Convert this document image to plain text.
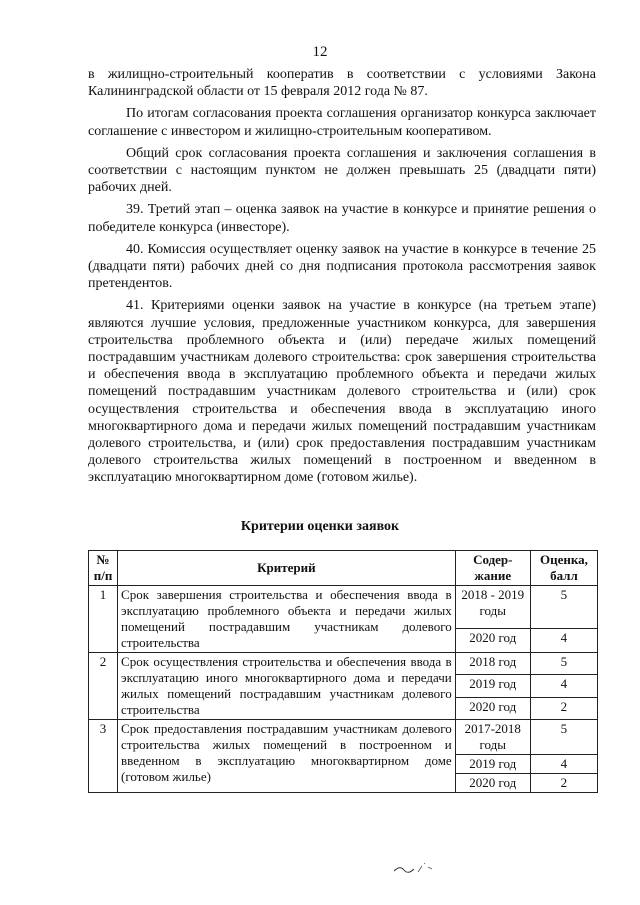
12

в жилищно-строительный кооператив в соответствии с условиями Закона Калининградской области от 15 февраля 2012 года № 87.

По итогам согласования проекта соглашения организатор конкурса заключает соглашение с инвестором и жилищно-строительным кооперативом.

Общий срок согласования проекта соглашения и заключения соглашения в соответствии с настоящим пунктом не должен превышать 25 (двадцати пяти) рабочих дней.

39. Третий этап – оценка заявок на участие в конкурсе и принятие решения о победителе конкурса (инвесторе).

40. Комиссия осуществляет оценку заявок на участие в конкурсе в течение 25 (двадцати пяти) рабочих дней со дня подписания протокола рассмотрения заявок претендентов.

41. Критериями оценки заявок на участие в конкурсе (на третьем этапе) являются лучшие условия, предложенные участником конкурса, для завершения строительства проблемного объекта и (или) передаче жилых помещений пострадавшим участникам долевого строительства: срок завершения строительства и обеспечения ввода в эксплуатацию проблемного объекта и передачи жилых помещений пострадавшим участникам долевого строительства и (или) срок осуществления строительства и обеспечения ввода в эксплуатацию иного многоквартирного дома и передачи жилых помещений пострадавшим участникам долевого строительства, и (или) срок предоставления пострадавшим участникам долевого строительства жилых помещений в построенном и введенном в эксплуатацию многоквартирном доме (готовом жилье).

Критерии оценки заявок
№ п/п	Критерий	Содер-жание	Оценка, балл
1	Срок завершения строительства и обеспечения ввода в эксплуатацию проблемного объекта и передачи жилых помещений пострадавшим участникам долевого строительства	2018 - 2019 годы	5
		2020 год	4
2	Срок осуществления строительства и обеспечения ввода в эксплуатацию иного многоквартирного дома и передачи жилых помещений пострадавшим участникам долевого строительства	2018 год	5
		2019 год	4
		2020 год	2
3	Срок предоставления пострадавшим участникам долевого строительства жилых помещений в построенном и введенном в эксплуатацию многоквартирном доме (готовом жилье)	2017-2018 годы	5
		2019 год	4
		2020 год	2
